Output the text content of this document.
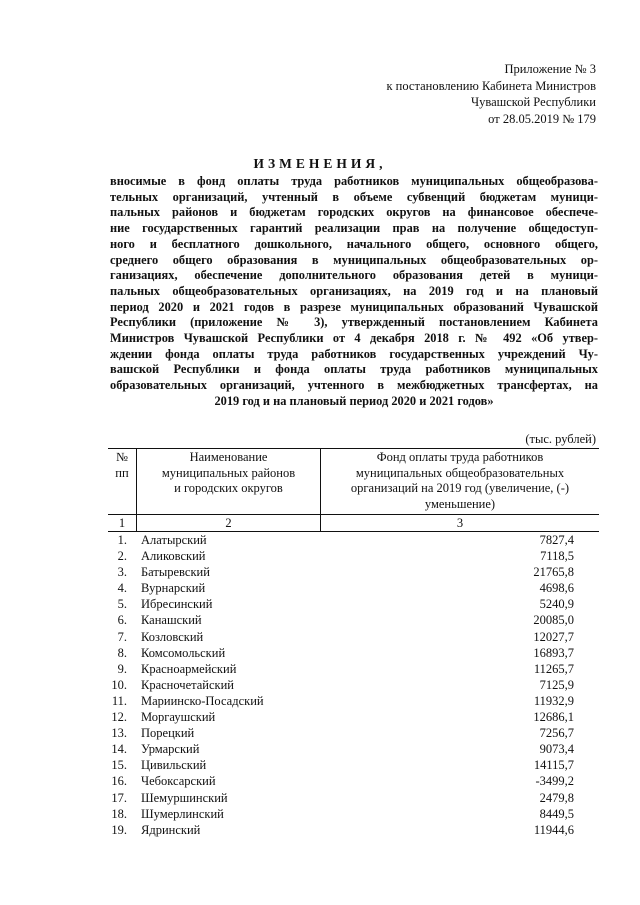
Приложение № 3
к постановлению Кабинета Министров
Чувашской Республики
от 28.05.2019 № 179
ИЗМЕНЕНИЯ,
вносимые в фонд оплаты труда работников муниципальных общеобразова-
тельных организаций, учтенный в объеме субвенций бюджетам муници-
пальных районов и бюджетам городских округов на финансовое обеспече-
ние государственных гарантий реализации прав на получение общедоступ-
ного и бесплатного дошкольного, начального общего, основного общего,
среднего общего образования в муниципальных общеобразовательных ор-
ганизациях, обеспечение дополнительного образования детей в муници-
пальных общеобразовательных организациях, на 2019 год и на плановый
период 2020 и 2021 годов в разрезе муниципальных образований Чувашской
Республики (приложение № 3), утвержденный постановлением Кабинета
Министров Чувашской Республики от 4 декабря 2018 г. № 492 «Об утвер-
ждении фонда оплаты труда работников государственных учреждений Чу-
вашской Республики и фонда оплаты труда работников муниципальных
образовательных организаций, учтенного в межбюджетных трансфертах, на
2019 год и на плановый период 2020 и 2021 годов»
(тыс. рублей)
№
пп
Наименование
муниципальных районов
и городских округов
Фонд оплаты труда работников
муниципальных общеобразовательных
организаций на 2019 год (увеличение, (-)
уменьшение)
1	2	3
1.	Алатырский	7827,4
2.	Аликовский	7118,5
3.	Батыревский	21765,8
4.	Вурнарский	4698,6
5.	Ибресинский	5240,9
6.	Канашский	20085,0
7.	Козловский	12027,7
8.	Комсомольский	16893,7
9.	Красноармейский	11265,7
10.	Красночетайский	7125,9
11.	Мариинско-Посадский	11932,9
12.	Моргаушский	12686,1
13.	Порецкий	7256,7
14.	Урмарский	9073,4
15.	Цивильский	14115,7
16.	Чебоксарский	-3499,2
17.	Шемуршинский	2479,8
18.	Шумерлинский	8449,5
19.	Ядринский	11944,6
